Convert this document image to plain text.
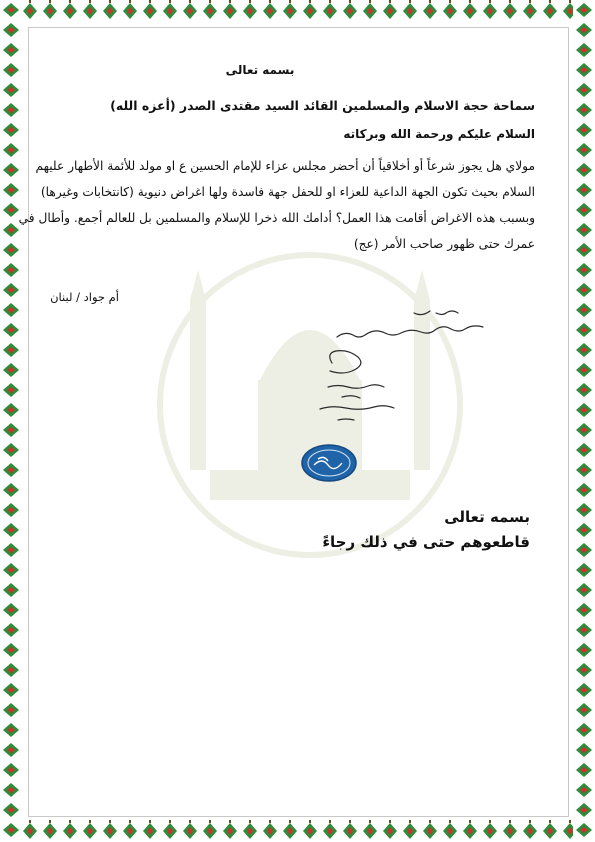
بسمه تعالى
سماحة حجة الاسلام والمسلمين القائد السيد مقتدى الصدر (أعزه الله)
السلام عليكم ورحمة الله وبركاته
مولاي هل يجوز شرعاً أو أخلاقياً أن أحضر مجلس عزاء للإمام الحسين ع او مولد للأئمة الأطهار عليهم
السلام بحيث تكون الجهة الداعية للعزاء او للحفل جهة فاسدة ولها اغراض دنيوية (كانتخابات وغيرها)
وبسبب هذه الاغراض أقامت هذا العمل؟ أدامك الله ذخرا للإسلام والمسلمين بل للعالم أجمع. وأطال في
عمرك حتى ظهور صاحب الأمر (عج)
أم جواد / لبنان
بسمه تعالى
قاطعوهم حتى في ذلك رجاءً
